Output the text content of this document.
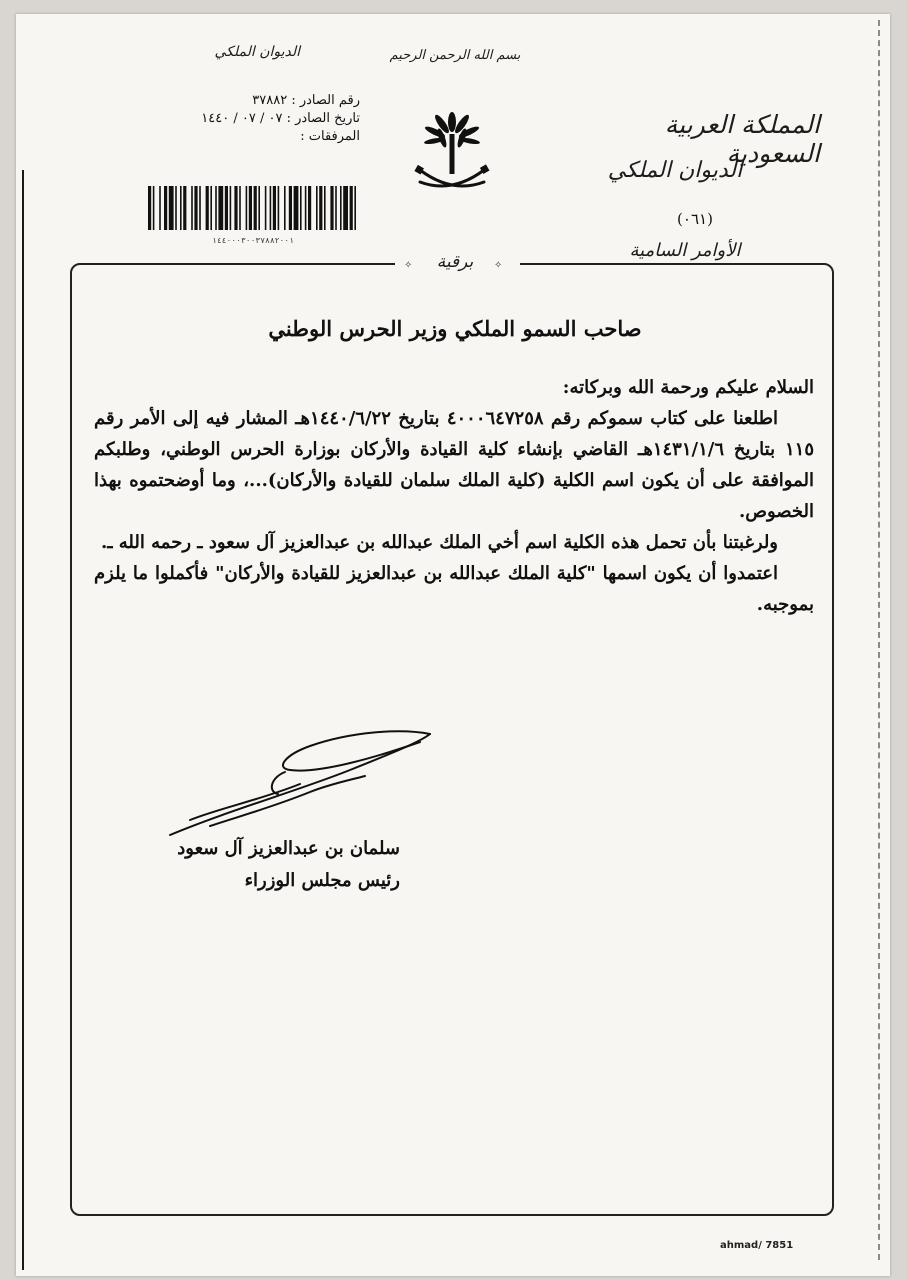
بسم الله الرحمن الرحيم
الديوان الملكي
رقم الصادر : ٣٧٨٨٢
تاريخ الصادر : ٠٧ / ٠٧ / ١٤٤٠
المرفقات :
١٤٤٠٠٠٣٠٠٣٧٨٨٢٠٠١
المملكة العربية السعودية
الديوان الملكي
(٠٦١)
الأوامر السامية
✧	برقية	✧
صاحب السمو الملكي وزير الحرس الوطني

السلام عليكم ورحمة الله وبركاته:

اطلعنا على كتاب سموكم رقم ٤٠٠٠٦٤٧٢٥٨ بتاريخ ١٤٤٠/٦/٢٢هـ المشار فيه إلى الأمر رقم ١١٥ بتاريخ ١٤٣١/١/٦هـ القاضي بإنشاء كلية القيادة والأركان بوزارة الحرس الوطني، وطلبكم الموافقة على أن يكون اسم الكلية (كلية الملك سلمان للقيادة والأركان)...، وما أوضحتموه بهذا الخصوص.

ولرغبتنا بأن تحمل هذه الكلية اسم أخي الملك عبدالله بن عبدالعزيز آل سعود ـ رحمه الله ـ.

اعتمدوا أن يكون اسمها "كلية الملك عبدالله بن عبدالعزيز للقيادة والأركان" فأكملوا ما يلزم بموجبه.

سلمان بن عبدالعزيز آل سعود
رئيس مجلس الوزراء
ahmad/ 7851
